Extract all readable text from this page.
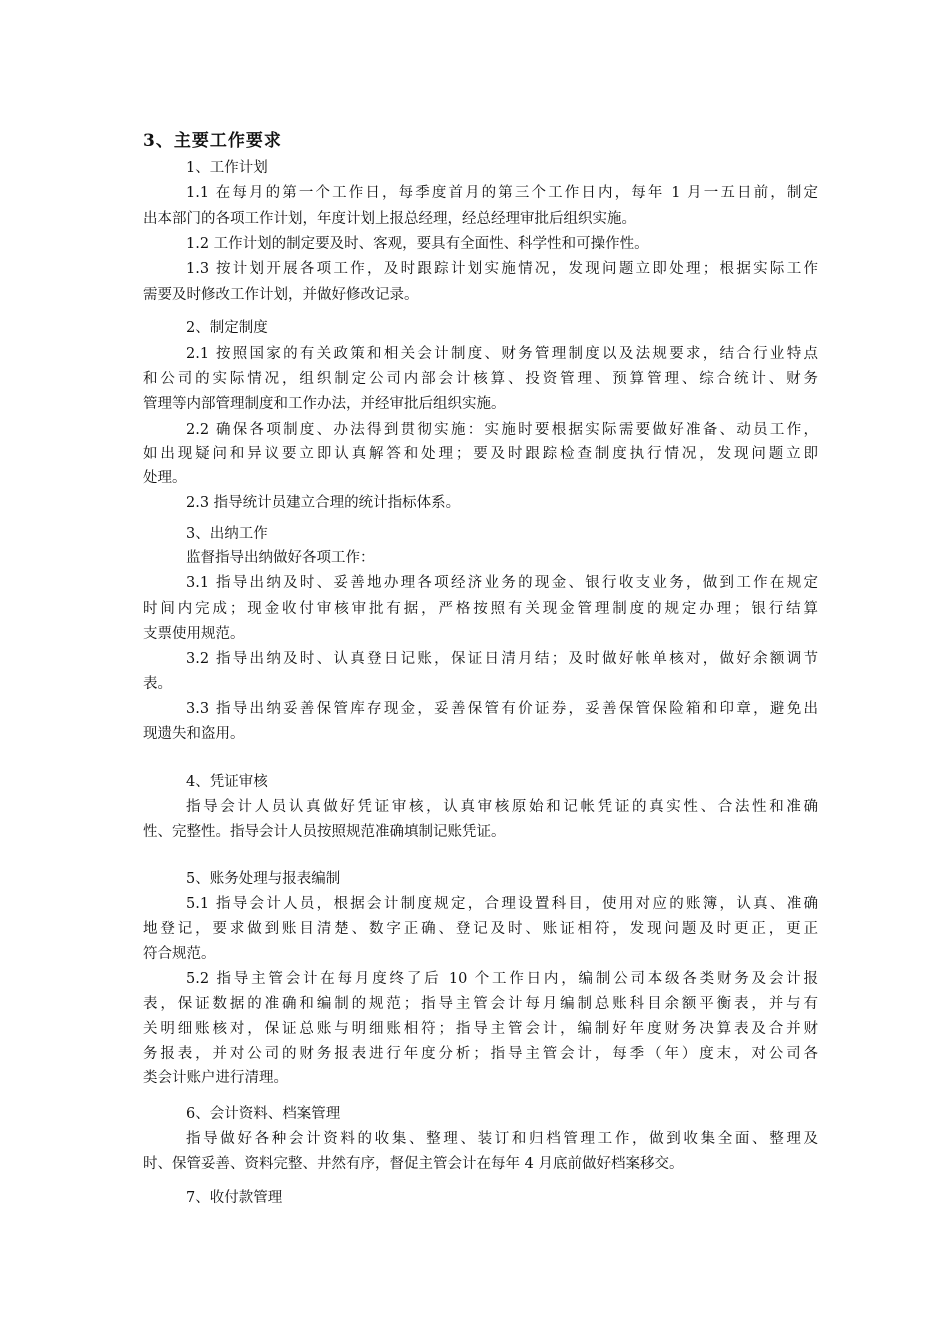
3、主要工作要求
1、工作计划
1.1 在每月的第一个工作日，每季度首月的第三个工作日内，每年 1 月一五日前，制定
出本部门的各项工作计划，年度计划上报总经理，经总经理审批后组织实施。
1.2 工作计划的制定要及时、客观，要具有全面性、科学性和可操作性。
1.3 按计划开展各项工作，及时跟踪计划实施情况，发现问题立即处理；根据实际工作
需要及时修改工作计划，并做好修改记录。
2、制定制度
2.1 按照国家的有关政策和相关会计制度、财务管理制度以及法规要求，结合行业特点
和公司的实际情况，组织制定公司内部会计核算、投资管理、预算管理、综合统计、财务
管理等内部管理制度和工作办法，并经审批后组织实施。
2.2 确保各项制度、办法得到贯彻实施：实施时要根据实际需要做好准备、动员工作，
如出现疑问和异议要立即认真解答和处理；要及时跟踪检查制度执行情况，发现问题立即
处理。
2.3 指导统计员建立合理的统计指标体系。
3、出纳工作
监督指导出纳做好各项工作：
3.1 指导出纳及时、妥善地办理各项经济业务的现金、银行收支业务，做到工作在规定
时间内完成；现金收付审核审批有据，严格按照有关现金管理制度的规定办理；银行结算
支票使用规范。
3.2 指导出纳及时、认真登日记账，保证日清月结；及时做好帐单核对，做好余额调节
表。
3.3 指导出纳妥善保管库存现金，妥善保管有价证券，妥善保管保险箱和印章，避免出
现遗失和盗用。
4、凭证审核
指导会计人员认真做好凭证审核，认真审核原始和记帐凭证的真实性、合法性和准确
性、完整性。指导会计人员按照规范准确填制记账凭证。
5、账务处理与报表编制
5.1 指导会计人员，根据会计制度规定，合理设置科目，使用对应的账簿，认真、准确
地登记，要求做到账目清楚、数字正确、登记及时、账证相符，发现问题及时更正，更正
符合规范。
5.2 指导主管会计在每月度终了后 10 个工作日内，编制公司本级各类财务及会计报
表，保证数据的准确和编制的规范；指导主管会计每月编制总账科目余额平衡表，并与有
关明细账核对，保证总账与明细账相符；指导主管会计，编制好年度财务决算表及合并财
务报表，并对公司的财务报表进行年度分析；指导主管会计，每季（年）度末，对公司各
类会计账户进行清理。
6、会计资料、档案管理
指导做好各种会计资料的收集、整理、装订和归档管理工作，做到收集全面、整理及
时、保管妥善、资料完整、井然有序，督促主管会计在每年 4 月底前做好档案移交。
7、收付款管理
